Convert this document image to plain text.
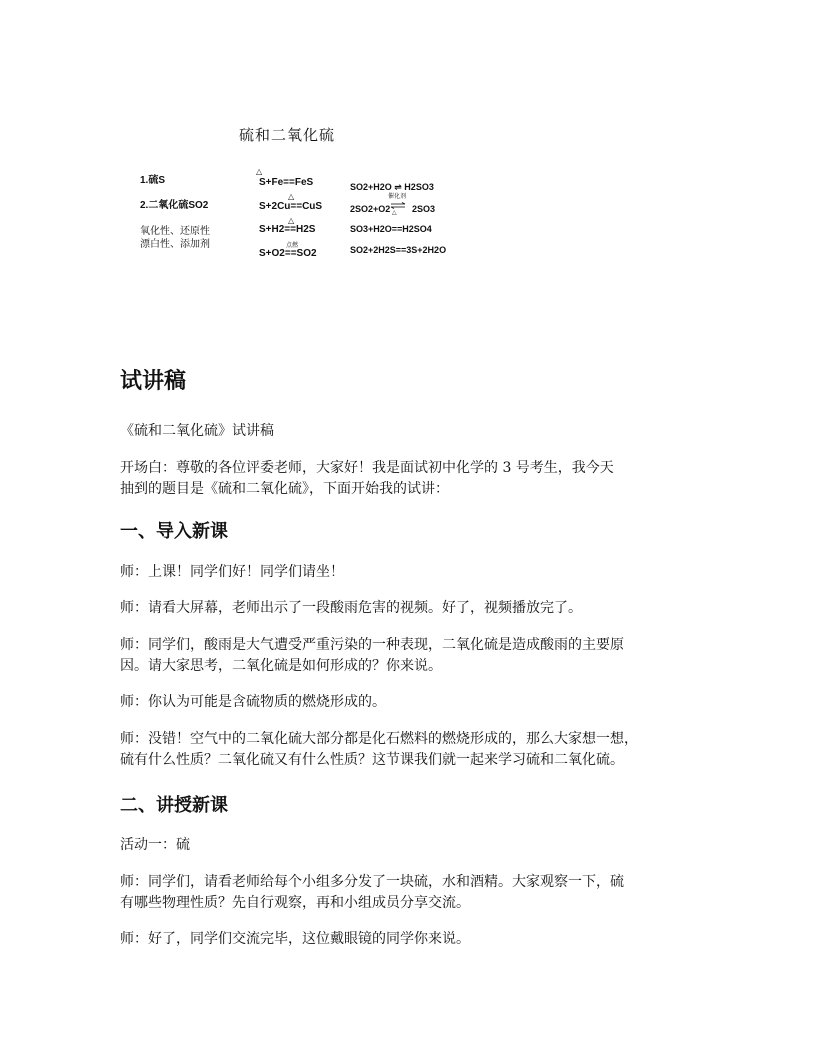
硫和二氧化硫
1.硫S
2.二氧化硫SO2
氧化性、还原性
漂白性、添加剂
△
S+Fe==FeS
△
S+2Cu==CuS
△
S+H2==H2S
点燃
S+O2==SO2
SO2+H2O ⇌ H2SO3
催化剂
2SO2+O2 ⇌
△ 2SO3
SO3+H2O==H2SO4
SO2+2H2S==3S+2H2O
试讲稿

《硫和二氧化硫》试讲稿

开场白：尊敬的各位评委老师，大家好！我是面试初中化学的 3 号考生，我今天

抽到的题目是《硫和二氧化硫》，下面开始我的试讲：

一、导入新课

师：上课！同学们好！同学们请坐！

师：请看大屏幕，老师出示了一段酸雨危害的视频。好了，视频播放完了。

师：同学们，酸雨是大气遭受严重污染的一种表现，二氧化硫是造成酸雨的主要原

因。请大家思考，二氧化硫是如何形成的？你来说。

师：你认为可能是含硫物质的燃烧形成的。

师：没错！空气中的二氧化硫大部分都是化石燃料的燃烧形成的，那么大家想一想，

硫有什么性质？二氧化硫又有什么性质？这节课我们就一起来学习硫和二氧化硫。

二、讲授新课

活动一：硫

师：同学们，请看老师给每个小组多分发了一块硫，水和酒精。大家观察一下，硫

有哪些物理性质？先自行观察，再和小组成员分享交流。

师：好了，同学们交流完毕，这位戴眼镜的同学你来说。
